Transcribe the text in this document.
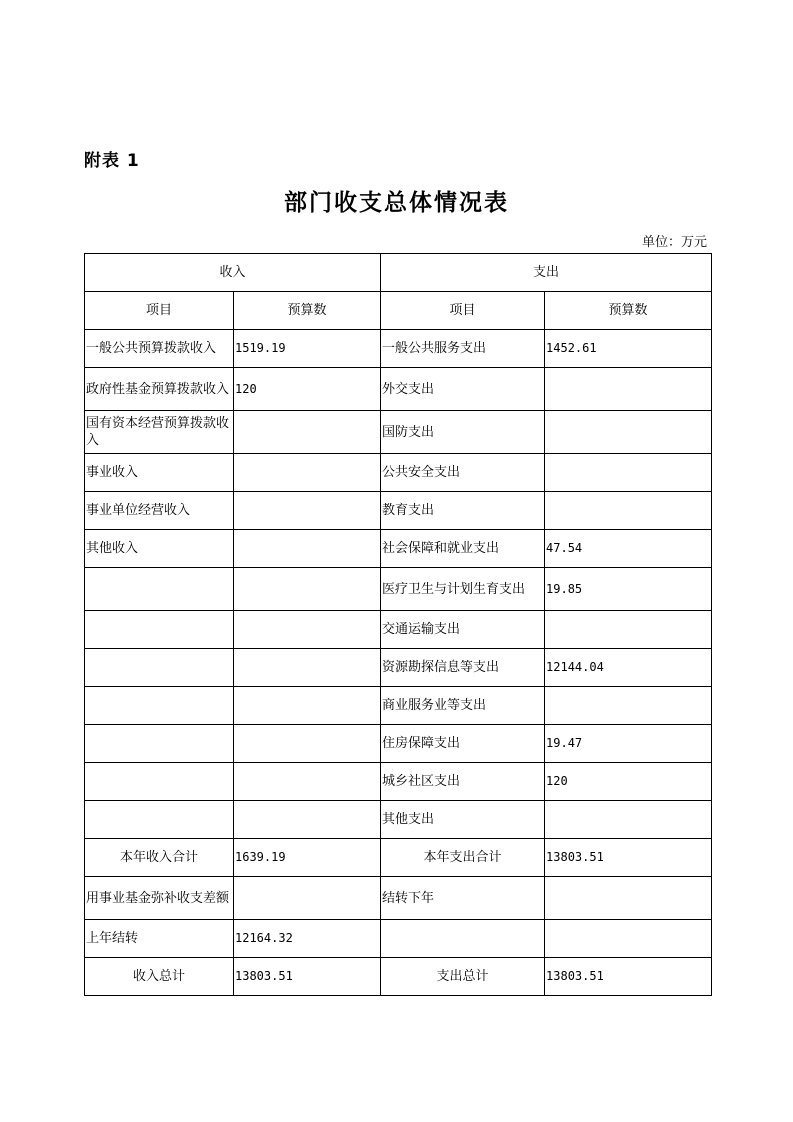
附表 1
部门收支总体情况表
单位：万元
收入		支出	
项目	预算数	项目	预算数
一般公共预算拨款收入	1519.19	一般公共服务支出	1452.61
政府性基金预算拨款收入	120	外交支出	
国有资本经营预算拨款收入		国防支出	
事业收入		公共安全支出	
事业单位经营收入		教育支出	
其他收入		社会保障和就业支出	47.54
		医疗卫生与计划生育支出	19.85
		交通运输支出	
		资源勘探信息等支出	12144.04
		商业服务业等支出	
		住房保障支出	19.47
		城乡社区支出	120
		其他支出	
本年收入合计	1639.19	本年支出合计	13803.51
用事业基金弥补收支差额		结转下年	
上年结转	12164.32		
收入总计	13803.51	支出总计	13803.51
